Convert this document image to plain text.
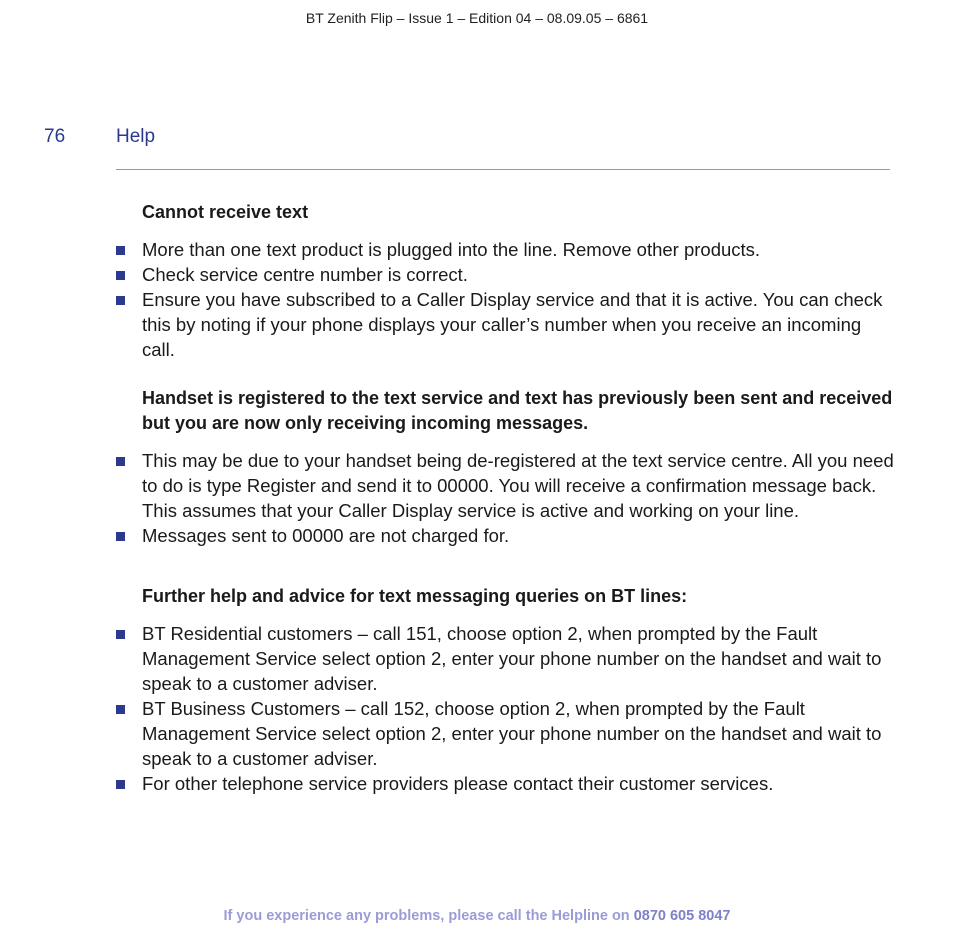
BT Zenith Flip – Issue 1 – Edition 04 – 08.09.05 – 6861
76	Help
Cannot receive text
More than one text product is plugged into the line. Remove other products.
Check service centre number is correct.
Ensure you have subscribed to a Caller Display service and that it is active. You can check this by noting if your phone displays your caller’s number when you receive an incoming call.
Handset is registered to the text service and text has previously been sent and received but you are now only receiving incoming messages.
This may be due to your handset being de-registered at the text service centre. All you need to do is type Register and send it to 00000. You will receive a confirmation message back. This assumes that your Caller Display service is active and working on your line.
Messages sent to 00000 are not charged for.
Further help and advice for text messaging queries on BT lines:
BT Residential customers – call 151, choose option 2, when prompted by the Fault Management Service select option 2, enter your phone number on the handset and wait to speak to a customer adviser.
BT Business Customers – call 152, choose option 2, when prompted by the Fault Management Service select option 2, enter your phone number on the handset and wait to speak to a customer adviser.
For other telephone service providers please contact their customer services.
If you experience any problems, please call the Helpline on 0870 605 8047
